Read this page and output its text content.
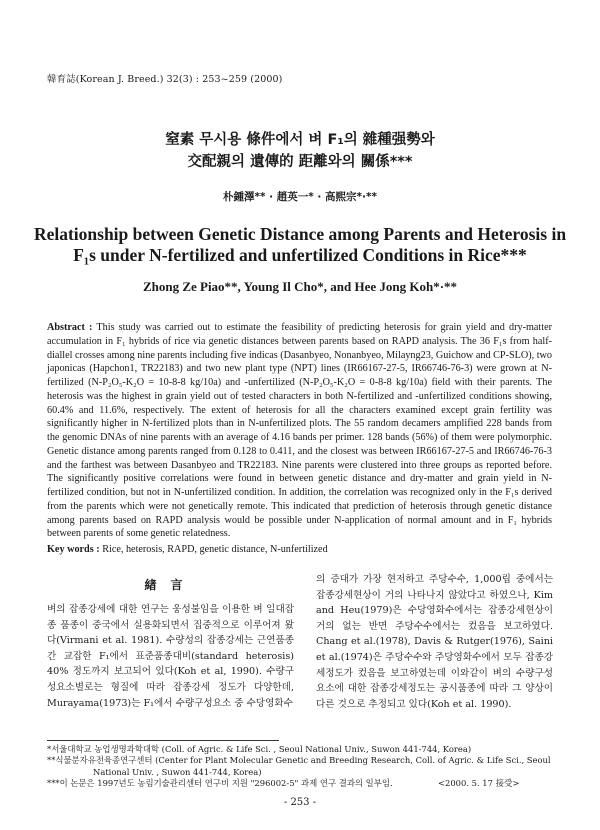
韓育誌(Korean J. Breed.) 32(3) : 253~259 (2000)
窒素 무시용 條件에서 벼 F₁의 雜種强勢와
交配親의 遺傳的 距離와의 關係***
朴鍾澤** · 趙英一* · 高熙宗*·**
Relationship between Genetic Distance among Parents and Heterosis in
F₁s under N-fertilized and unfertilized Conditions in Rice***
Zhong Ze Piao**, Young Il Cho*, and Hee Jong Koh*·**
Abstract : This study was carried out to estimate the feasibility of predicting heterosis for grain yield and dry-matter accumulation in F₁ hybrids of rice via genetic distances between parents based on RAPD analysis. The 36 F₁s from half-diallel crosses among nine parents including five indicas (Dasanbyeo, Nonanbyeo, Milayng23, Guichow and CP-SLO), two japonicas (Hapchon1, TR22183) and two new plant type (NPT) lines (IR66167-27-5, IR66746-76-3) were grown at N-fertilized (N-P₂O₅-K₂O = 10-8-8 kg/10a) and -unfertilized (N-P₂O₅-K₂O = 0-8-8 kg/10a) field with their parents. The heterosis was the highest in grain yield out of tested characters in both N-fertilized and -unfertilized conditions showing, 60.4% and 11.6%, respectively. The extent of heterosis for all the characters examined except grain fertility was significantly higher in N-fertilized plots than in N-unfertilized plots. The 55 random decamers amplified 228 bands from the genomic DNAs of nine parents with an average of 4.16 bands per primer. 128 bands (56%) of them were polymorphic. Genetic distance among parents ranged from 0.128 to 0.411, and the closest was between IR66167-27-5 and IR66746-76-3 and the farthest was between Dasanbyeo and TR22183. Nine parents were clustered into three groups as reported before. The significantly positive correlations were found in between genetic distance and dry-matter and grain yield in N-fertilized condition, but not in N-unfertilized condition. In addition, the correlation was recognized only in the F₁s derived from the parents which were not genetically remote. This indicated that prediction of heterosis through genetic distance among parents based on RAPD analysis would be possible under N-application of normal amount and in F₁ hybrids between parents of some genetic relatedness.
Key words : Rice, heterosis, RAPD, genetic distance, N-unfertilized
緖言
벼의 잡종강세에 대한 연구는 웅성불임을 이용한 벼 일대잡종 품종이 중국에서 실용화되면서 집중적으로 이루어져 왔다(Virmani et al. 1981). 수량성의 잡종강세는 근연품종간 교잡한 F₁에서 표준품종대비(standard heterosis) 40% 정도까지 보고되어 있다(Koh et al, 1990). 수량구성요소별로는 형질에 따라 잡종강세 정도가 다양한데, Murayama(1973)는 F₁에서 수량구성요소 중 수당영화수
의 증대가 가장 현저하고 주당수수, 1,000립 중에서는 잡종강세현상이 거의 나타나지 않았다고 하였으나, Kim and Heu(1979)은 수당영화수에서는 잡종강세현상이 거의 없는 반면 주당수수에서는 컸음을 보고하였다. Chang et al.(1978), Davis & Rutger(1976), Saini et al.(1974)은 주당수수와 주당영화수에서 모두 잡종강세정도가 컸음을 보고하였는데 이와같이 벼의 수량구성요소에 대한 잡종강세정도는 공시품종에 따라 그 양상이 다른 것으로 추정되고 있다(Koh et al. 1990).

*서울대학교 농업생명과학대학 (Coll. of Agric. & Life Sci. , Seoul National Univ., Suwon 441-744, Korea)

**식물분자유전육종연구센터 (Center for Plant Molecular Genetic and Breeding Research, Coll. of Agric. & Life Sci., Seoul

National Univ. , Suwon 441-744, Korea)

***이 논문은 1997년도 농림기술관리센터 연구비 지원 "296002-5" 과제 연구 결과의 일부임.	<2000. 5. 17 接受>
- 253 -
